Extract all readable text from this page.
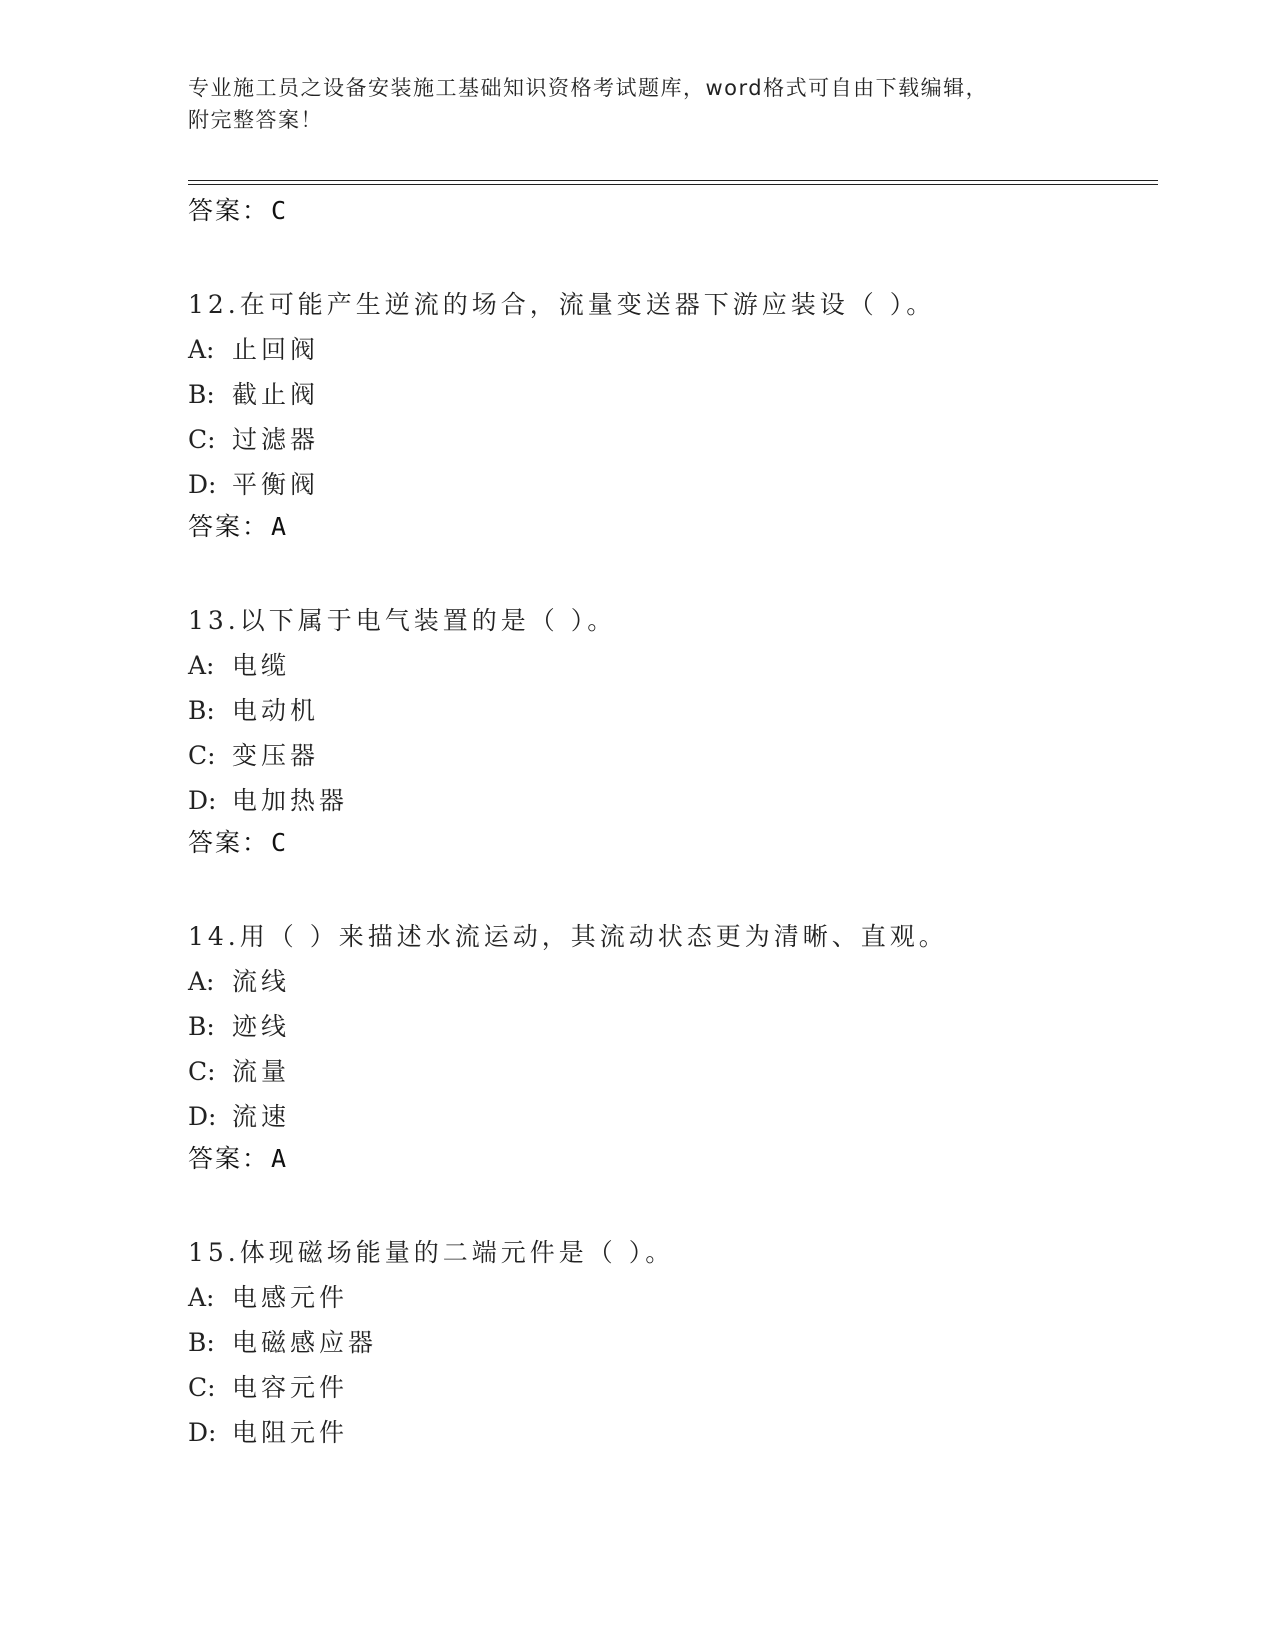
专业施工员之设备安装施工基础知识资格考试题库，word格式可自由下载编辑，
附完整答案！
答案：C
12.在可能产生逆流的场合，流量变送器下游应装设（ ）。
A: 止回阀
B: 截止阀
C: 过滤器
D: 平衡阀
答案：A
13.以下属于电气装置的是（ ）。
A: 电缆
B: 电动机
C: 变压器
D: 电加热器
答案：C
14.用（ ）来描述水流运动，其流动状态更为清晰、直观。
A: 流线
B: 迹线
C: 流量
D: 流速
答案：A
15.体现磁场能量的二端元件是（ ）。
A: 电感元件
B: 电磁感应器
C: 电容元件
D: 电阻元件
